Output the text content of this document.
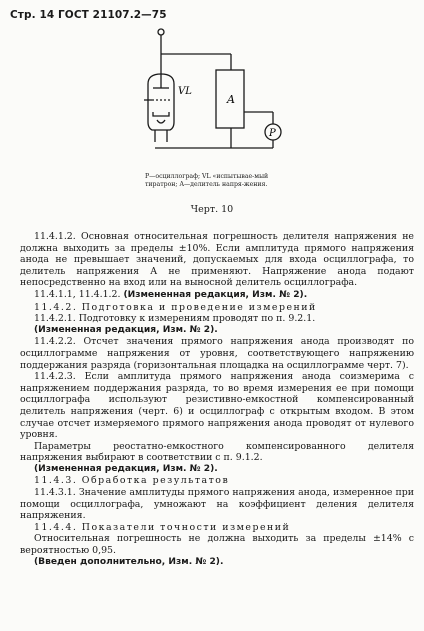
Стр. 14 ГОСТ 21107.2—75
VL
A
P
P—осциллограф; VL «испытывае-мый тиратрон; A—делитель напря-жения.
Черт. 10

11.4.1.2. Основная относительная погрешность делителя напряжения не должна выходить за пределы ±10%. Если амплитуда прямого напряжения анода не превышает значений, допускаемых для входа осциллографа, то делитель напряжения А не применяют. Напряжение анода подают непосредственно на вход или на выносной делитель осциллографа.

11.4.1.1, 11.4.1.2. (Измененная редакция, Изм. № 2).

11.4.2. Подготовка и проведение измерений

11.4.2.1. Подготовку к измерениям проводят по п. 9.2.1.

(Измененная редакция, Изм. № 2).

11.4.2.2. Отсчет значения прямого напряжения анода производят по осциллограмме напряжения от уровня, соответствующего напряжению поддержания разряда (горизонтальная площадка на осциллограмме черт. 7).

11.4.2.3. Если амплитуда прямого напряжения анода соизмерима с напряжением поддержания разряда, то во время измерения ее при помощи осциллографа используют резистивно-емкостной компенсированный делитель напряжения (черт. 6) и осциллограф с открытым входом. В этом случае отсчет измеряемого прямого напряжения анода проводят от нулевого уровня.

Параметры реостатно-емкостного компенсированного делителя напряжения выбирают в соответствии с п. 9.1.2.

(Измененная редакция, Изм. № 2).

11.4.3. Обработка результатов

11.4.3.1. Значение амплитуды прямого напряжения анода, измеренное при помощи осциллографа, умножают на коэффициент деления делителя напряжения.

11.4.4. Показатели точности измерений

Относительная погрешность не должна выходить за пределы ±14% с вероятностью 0,95.

(Введен дополнительно, Изм. № 2).
